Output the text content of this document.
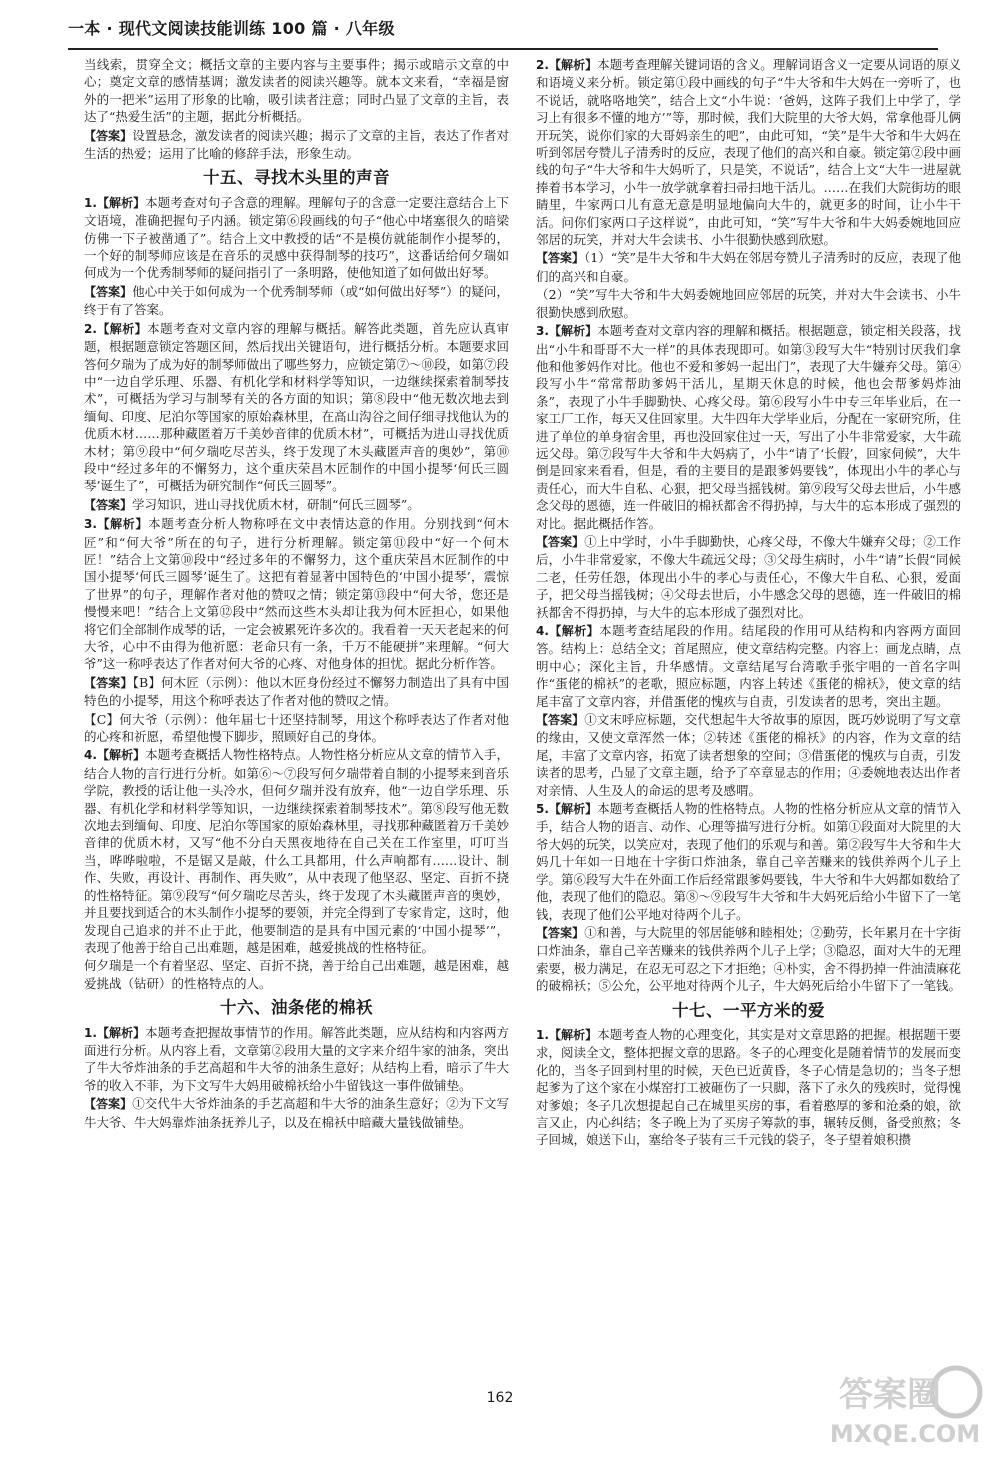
一本 · 现代文阅读技能训练 100 篇 · 八年级

当线索，贯穿全文；概括文章的主要内容与主要事件；揭示或暗示文章的中心；奠定文章的感情基调；激发读者的阅读兴趣等。就本文来看，“幸福是窗外的一把米”运用了形象的比喻，吸引读者注意；同时凸显了文章的主旨，表达了“热爱生活”的主题，据此分析概括。

【答案】设置悬念，激发读者的阅读兴趣；揭示了文章的主旨，表达了作者对生活的热爱；运用了比喻的修辞手法，形象生动。

十五、寻找木头里的声音

1.【解析】本题考查对句子含意的理解。理解句子的含意一定要注意结合上下文语境，准确把握句子内涵。锁定第⑥段画线的句子“他心中堵塞很久的暗梁仿佛一下子被凿通了”。结合上文中教授的话“不是模仿就能制作小提琴的，一个好的制琴师应该是在音乐的灵感中获得制琴的技巧”，这番话给何夕瑞如何成为一个优秀制琴师的疑问指引了一条明路，使他知道了如何做出好琴。

【答案】他心中关于如何成为一个优秀制琴师（或“如何做出好琴”）的疑问，终于有了答案。

2.【解析】本题考查对文章内容的理解与概括。解答此类题，首先应认真审题，根据题意锁定答题区间，然后找出关键语句，进行概括分析。本题要求回答何夕瑞为了成为好的制琴师做出了哪些努力，应锁定第⑦～⑩段，如第⑦段中“一边自学乐理、乐器、有机化学和材料学等知识，一边继续探索着制琴技术”，可概括为学习与制琴有关的各方面的知识；第⑧段中“他无数次地去到缅甸、印度、尼泊尔等国家的原始森林里，在高山沟谷之间仔细寻找他认为的优质木材……那种藏匿着万千美妙音律的优质木材”，可概括为进山寻找优质木材；第⑨段中“何夕瑞吃尽苦头，终于发现了木头藏匿声音的奥妙”，第⑩段中“经过多年的不懈努力，这个重庆荣昌木匠制作的中国小提琴‘何氏三圆琴’诞生了”，可概括为研究制作“何氏三圆琴”。

【答案】学习知识，进山寻找优质木材，研制“何氏三圆琴”。

3.【解析】本题考查分析人物称呼在文中表情达意的作用。分别找到“何木匠”和“何大爷”所在的句子，进行分析理解。锁定第⑪段中“好一个何木匠！”结合上文第⑩段中“经过多年的不懈努力，这个重庆荣昌木匠制作的中国小提琴‘何氏三圆琴’诞生了。这把有着显著中国特色的‘中国小提琴’，震惊了世界”的句子，理解作者对他的赞叹之情；锁定第⑬段中“何大爷，您还是慢慢来吧！”结合上文第⑫段中“然而这些木头却让我为何木匠担心，如果他将它们全部制作成琴的话，一定会被累死许多次的。我看着一天天老起来的何大爷，心中不由得为他祈愿：老命只有一条，千万不能硬拼”来理解。“何大爷”这一称呼表达了作者对何大爷的心疼、对他身体的担忧。据此分析作答。

【答案】【B】何木匠（示例）：他以木匠身份经过不懈努力制造出了具有中国特色的小提琴，用这个称呼表达了作者对他的赞叹之情。

【C】何大爷（示例）：他年届七十还坚持制琴，用这个称呼表达了作者对他的心疼和祈愿，希望他慢下脚步，照顾好自己的身体。

4.【解析】本题考查概括人物性格特点。人物性格分析应从文章的情节入手，结合人物的言行进行分析。如第⑥～⑦段写何夕瑞带着自制的小提琴来到音乐学院，教授的话让他一头冷水，但何夕瑞并没有放弃，他“一边自学乐理、乐器、有机化学和材料学等知识，一边继续探索着制琴技术”。第⑧段写他无数次地去到缅甸、印度、尼泊尔等国家的原始森林里，寻找那种藏匿着万千美妙音律的优质木材，又写“他不分白天黑夜地待在自己关在工作室里，叮叮当当，哗哗啦啦，不是锯又是敲，什么工具都用，什么声响都有……设计、制作、失败，再设计、再制作、再失败”，从中表现了他坚忍、坚定、百折不挠的性格特征。第⑨段写“何夕瑞吃尽苦头，终于发现了木头藏匿声音的奥妙，并且要找到适合的木头制作小提琴的要领，并完全得到了专家肯定，这时，他发现自己追求的并不止于此，他要制造的是具有中国元素的‘中国小提琴’”，表现了他善于给自己出难题，越是困难，越爱挑战的性格特征。

何夕瑞是一个有着坚忍、坚定、百折不挠，善于给自己出难题，越是困难，越爱挑战（钻研）的性格特点的人。

十六、油条佬的棉袄

1.【解析】本题考查把握故事情节的作用。解答此类题，应从结构和内容两方面进行分析。从内容上看，文章第②段用大量的文字来介绍牛家的油条，突出了牛大爷炸油条的手艺高超和牛大爷的油条生意好；从结构上看，暗示了牛大爷的收入不菲，为下文写牛大妈用破棉袄给小牛留钱这一事件做铺垫。

【答案】①交代牛大爷炸油条的手艺高超和牛大爷的油条生意好；②为下文写牛大爷、牛大妈靠炸油条抚养儿子，以及在棉袄中暗藏大量钱做铺垫。

2.【解析】本题考查理解关键词语的含义。理解词语含义一定要从词语的原义和语境义来分析。锁定第①段中画线的句子“牛大爷和牛大妈在一旁听了，也不说话，就咯咯地笑”，结合上文“小牛说：‘爸妈，这阵子我们上中学了，学习上有很多不懂的地方’”等，那时候，我们大院里的大爷大妈，常拿他哥儿俩开玩笑，说你们家的大哥妈亲生的吧”，由此可知，“笑”是牛大爷和牛大妈在听到邻居夸赞儿子清秀时的反应，表现了他们的高兴和自豪。锁定第②段中画线的句子“牛大爷和牛大妈听了，只是笑，不说话”，结合上文“大牛一进屋就捧着书本学习，小牛一放学就拿着扫帚扫地干活儿。……在我们大院街坊的眼睛里，牛家两口儿有意无意是明显地偏向大牛的，就更多的时间，让小牛干活。问你们家两口子这样说”，由此可知，“笑”写牛大爷和牛大妈委婉地回应邻居的玩笑，并对大牛会读书、小牛很勤快感到欣慰。

【答案】（1）“笑”是牛大爷和牛大妈在邻居夸赞儿子清秀时的反应，表现了他们的高兴和自豪。

（2）“笑”写牛大爷和牛大妈委婉地回应邻居的玩笑，并对大牛会读书、小牛很勤快感到欣慰。

3.【解析】本题考查对文章内容的理解和概括。根据题意，锁定相关段落，找出“小牛和哥哥不大一样”的具体表现即可。如第③段写大牛“特别讨厌我们拿他和他爹妈作对比。他也不爱和爹妈一起出门”，表现了大牛嫌弃父母。第④段写小牛“常常帮助爹妈干活儿，星期天休息的时候，他也会帮爹妈炸油条”，表现了小牛手脚勤快、心疼父母。第⑥段写小牛中专三年毕业后，在一家工厂工作，每天又住回家里。大牛四年大学毕业后，分配在一家研究所，住进了单位的单身宿舍里，再也没回家住过一天，写出了小牛非常爱家，大牛疏远父母。第⑦段写牛大爷和牛大妈病了，小牛“请了‘长假’，回家伺候”，大牛倒是回家来看看，但是，看的主要目的是跟爹妈要钱”，体现出小牛的孝心与责任心，而大牛自私、心狠，把父母当摇钱树。第⑨段写父母去世后，小牛感念父母的恩德，连一件破旧的棉袄都舍不得扔掉，与大牛的忘本形成了强烈的对比。据此概括作答。

【答案】①上中学时，小牛手脚勤快，心疼父母，不像大牛嫌弃父母；②工作后，小牛非常爱家，不像大牛疏远父母；③父母生病时，小牛“请”长假“同候二老，任劳任怨，体现出小牛的孝心与责任心，不像大牛自私、心狠，爱面子，把父母当摇钱树；④父母去世后，小牛感念父母的恩德，连一件破旧的棉袄都舍不得扔掉，与大牛的忘本形成了强烈对比。

4.【解析】本题考查结尾段的作用。结尾段的作用可从结构和内容两方面回答。结构上：总结全文；首尾照应，使文章结构完整。内容上：画龙点睛，点明中心；深化主旨，升华感情。文章结尾写台湾歌手张宇唱的一首名字叫作“蛋佬的棉袄”的老歌，照应标题，内容上转述《蛋佬的棉袄》，使文章的结尾丰富了文章内容，并借蛋佬的愧疚与自责，引发读者的思考，突出主题。

【答案】①文末呼应标题，交代想起牛大爷故事的原因，既巧妙说明了写文章的缘由，又使文章浑然一体；②转述《蛋佬的棉袄》的内容，作为文章的结尾，丰富了文章内容，拓宽了读者想象的空间；③借蛋佬的愧疚与自责，引发读者的思考，凸显了文章主题，给予了卒章显志的作用；④委婉地表达出作者对亲情、人生及人的命运的思考及感喟。

5.【解析】本题考查概括人物的性格特点。人物的性格分析应从文章的情节入手，结合人物的语言、动作、心理等描写进行分析。如第①段面对大院里的大爷大妈的玩笑，以笑应对，表现了他们的乐观与和善。第②段写牛大爷和牛大妈几十年如一日地在十字街口炸油条，靠自己辛苦赚来的钱供养两个儿子上学。第⑥段写大牛在外面工作后经常跟爹妈要钱，牛大爷和牛大妈都如数给了他，表现了他们的隐忍。第⑧～⑨段写牛大爷和牛大妈死后给小牛留下了一笔钱，表现了他们公平地对待两个儿子。

【答案】①和善，与大院里的邻居能够和睦相处；②勤劳，长年累月在十字街口炸油条，靠自己辛苦赚来的钱供养两个儿子上学；③隐忍，面对大牛的无理索要，极力满足，在忍无可忍之下才拒绝；④朴实，舍不得扔掉一件油渍麻花的破棉袄；⑤公允，公平地对待两个儿子，牛大妈死后给小牛留下了一笔钱。

十七、一平方米的爱

1.【解析】本题考查人物的心理变化，其实是对文章思路的把握。根据题干要求，阅读全文，整体把握文章的思路。冬子的心理变化是随着情节的发展而变化的，当冬子回到村里的时候，天色已近黄昏，冬子心情是急切的；当冬子想起爹为了这个家在小煤窑打工被砸伤了一只脚，落下了永久的残疾时，觉得愧对爹娘；冬子几次想提起自己在城里买房的事，看着憨厚的爹和沧桑的娘，欲言又止，内心纠结；冬子晚上为了买房子筹款的事，辗转反侧，备受煎熬；冬子回城，娘送下山，塞给冬子装有三千元钱的袋子，冬子望着娘积攒

162	答案圈
MXQE.COM
